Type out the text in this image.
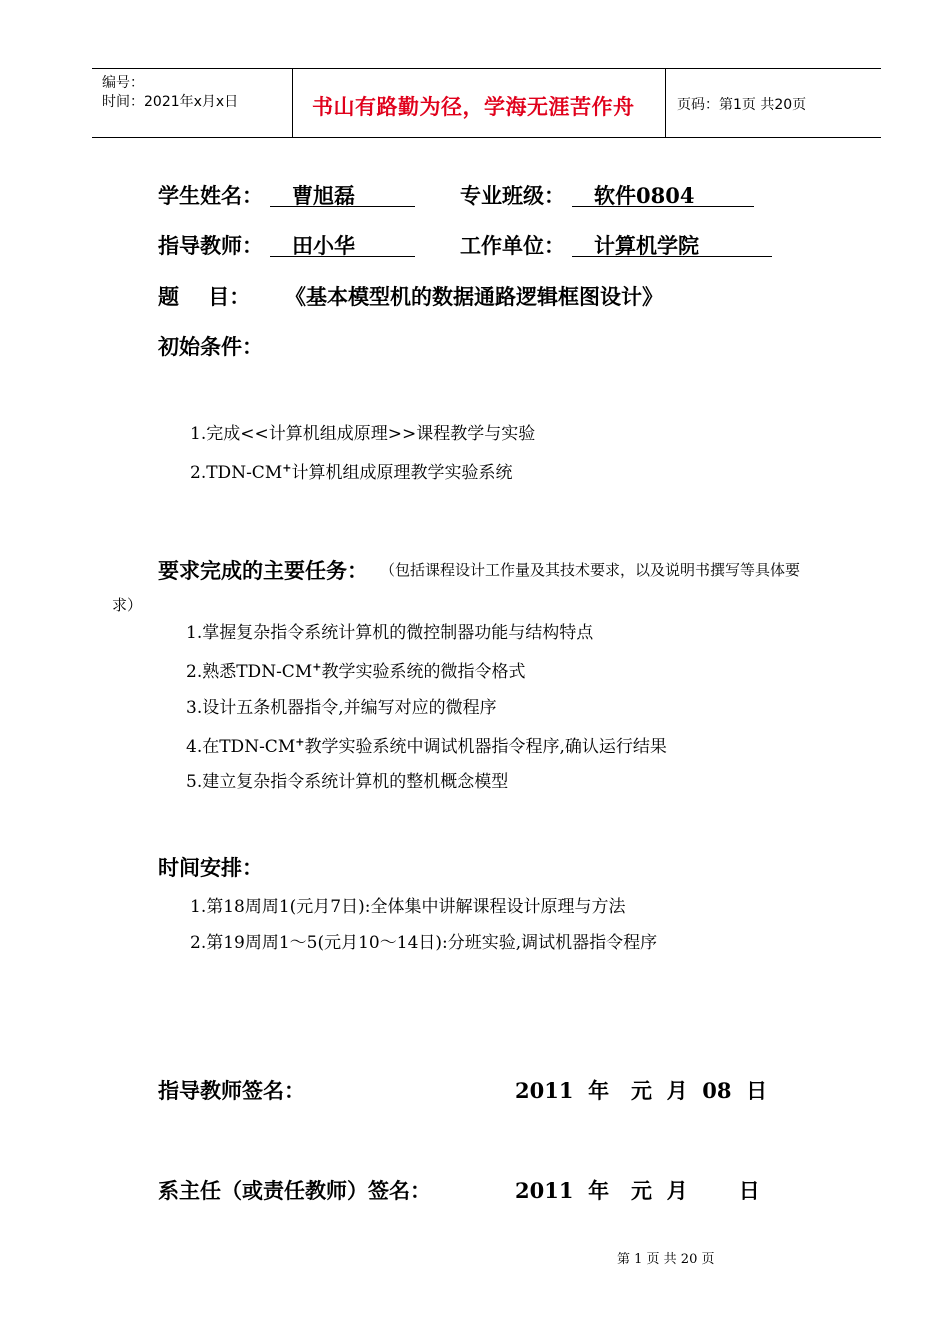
编号：
时间：2021年x月x日	书山有路勤为径，学海无涯苦作舟	页码：第1页 共20页
学生姓名： 曹旭磊	专业班级： 软件0804
指导教师： 田小华	工作单位： 计算机学院
题    目： 《基本模型机的数据通路逻辑框图设计》
初始条件：
1.完成<<计算机组成原理>>课程教学与实验
2.TDN-CM+计算机组成原理教学实验系统
要求完成的主要任务： （包括课程设计工作量及其技术要求，以及说明书撰写等具体要
求）
1.掌握复杂指令系统计算机的微控制器功能与结构特点
2.熟悉TDN-CM+教学实验系统的微指令格式
3.设计五条机器指令,并编写对应的微程序
4.在TDN-CM+教学实验系统中调试机器指令程序,确认运行结果
5.建立复杂指令系统计算机的整机概念模型
时间安排：
1.第18周周1(元月7日):全体集中讲解课程设计原理与方法
2.第19周周1～5(元月10～14日):分班实验,调试机器指令程序
指导教师签名：	2011  年   元  月  08  日
系主任（或责任教师）签名：	2011  年   元  月       日
第 1 页 共 20 页
